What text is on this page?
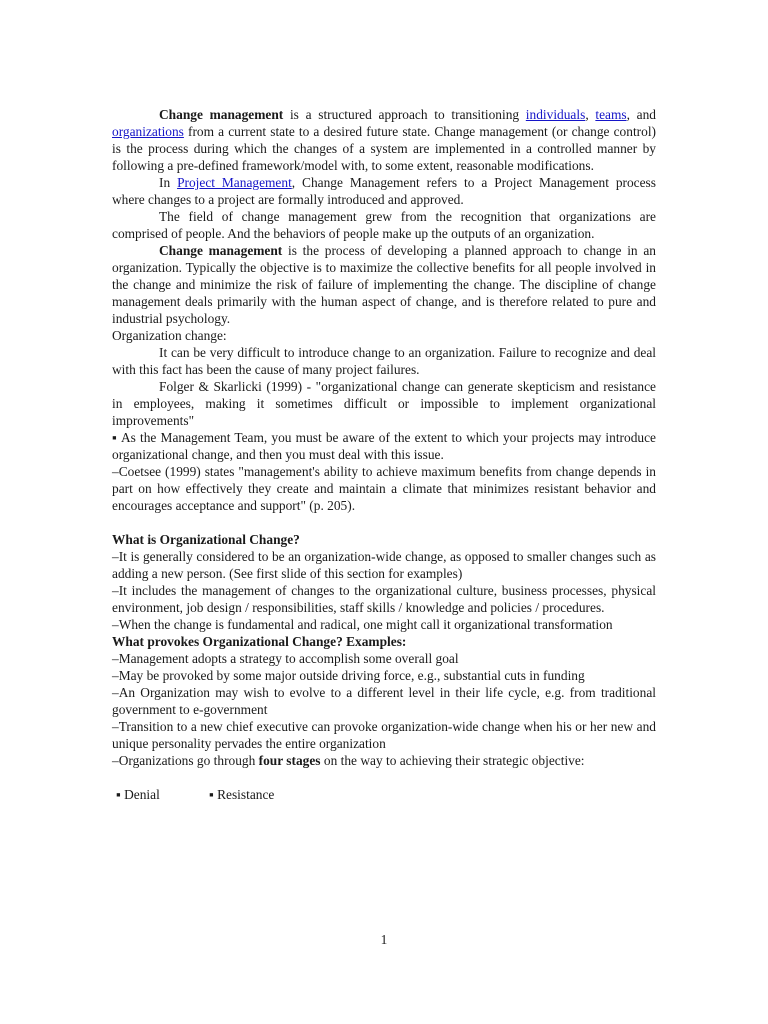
Change management is a structured approach to transitioning individuals, teams, and organizations from a current state to a desired future state. Change management (or change control) is the process during which the changes of a system are implemented in a controlled manner by following a pre-defined framework/model with, to some extent, reasonable modifications.

In Project Management, Change Management refers to a Project Management process where changes to a project are formally introduced and approved.

The field of change management grew from the recognition that organizations are comprised of people. And the behaviors of people make up the outputs of an organization.

Change management is the process of developing a planned approach to change in an organization. Typically the objective is to maximize the collective benefits for all people involved in the change and minimize the risk of failure of implementing the change. The discipline of change management deals primarily with the human aspect of change, and is therefore related to pure and industrial psychology.

Organization change:

It can be very difficult to introduce change to an organization. Failure to recognize and deal with this fact has been the cause of many project failures.

Folger & Skarlicki (1999) - "organizational change can generate skepticism and resistance in employees, making it sometimes difficult or impossible to implement organizational improvements"

▪ As the Management Team, you must be aware of the extent to which your projects may introduce organizational change, and then you must deal with this issue.

–Coetsee (1999) states "management's ability to achieve maximum benefits from change depends in part on how effectively they create and maintain a climate that minimizes resistant behavior and encourages acceptance and support" (p. 205).

What is Organizational Change?

–It is generally considered to be an organization-wide change, as opposed to smaller changes such as adding a new person. (See first slide of this section for examples)

–It includes the management of changes to the organizational culture, business processes, physical environment, job design / responsibilities, staff skills / knowledge and policies / procedures.

–When the change is fundamental and radical, one might call it organizational transformation

What provokes Organizational Change? Examples:

–Management adopts a strategy to accomplish some overall goal

–May be provoked by some major outside driving force, e.g., substantial cuts in funding

–An Organization may wish to evolve to a different level in their life cycle, e.g. from traditional government to e-government

–Transition to a new chief executive can provoke organization-wide change when his or her new and unique personality pervades the entire organization

–Organizations go through four stages on the way to achieving their strategic objective:

▪ Denial	▪ Resistance
1
